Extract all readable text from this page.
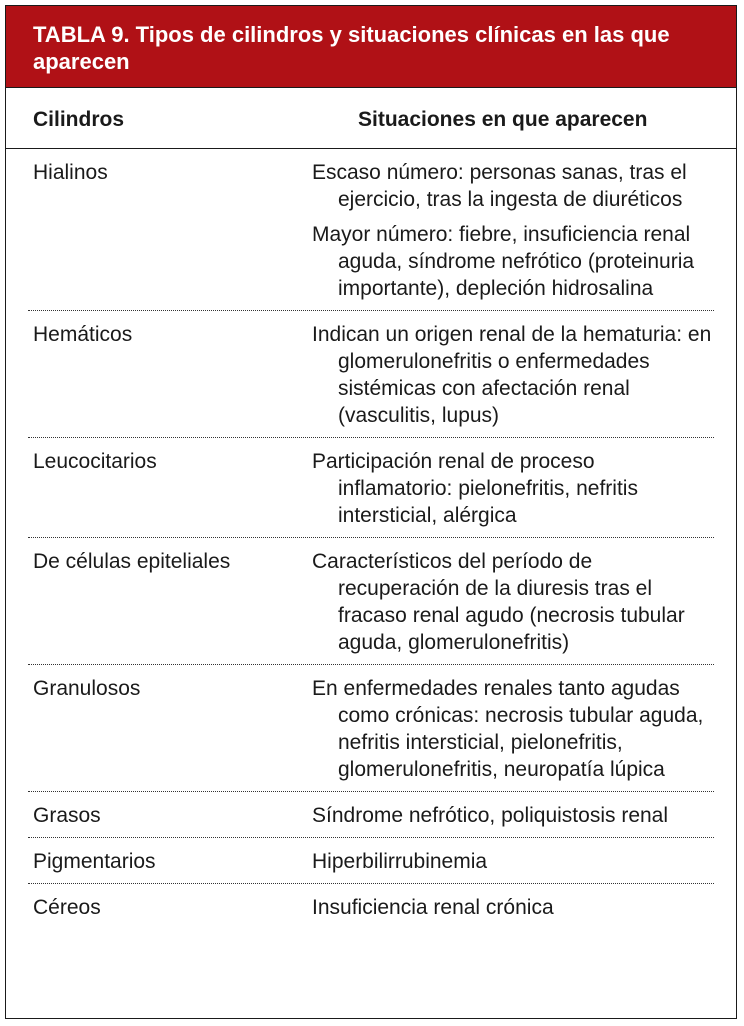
TABLA 9. Tipos de cilindros y situaciones clínicas en las que aparecen
Cilindros	Situaciones en que aparecen
Hialinos	Escaso número: personas sanas, tras el ejercicio, tras la ingesta de diuréticos
Mayor número: fiebre, insuficiencia renal aguda, síndrome nefrótico (proteinuria importante), depleción hidrosalina
Hemáticos	Indican un origen renal de la hematuria: en glomerulonefritis o enfermedades sistémicas con afectación renal (vasculitis, lupus)
Leucocitarios	Participación renal de proceso inflamatorio: pielonefritis, nefritis intersticial, alérgica
De células epiteliales	Característicos del período de recuperación de la diuresis tras el fracaso renal agudo (necrosis tubular aguda, glomerulonefritis)
Granulosos	En enfermedades renales tanto agudas como crónicas: necrosis tubular aguda, nefritis intersticial, pielonefritis, glomerulonefritis, neuropatía lúpica
Grasos	Síndrome nefrótico, poliquistosis renal
Pigmentarios	Hiperbilirrubinemia
Céreos	Insuficiencia renal crónica
